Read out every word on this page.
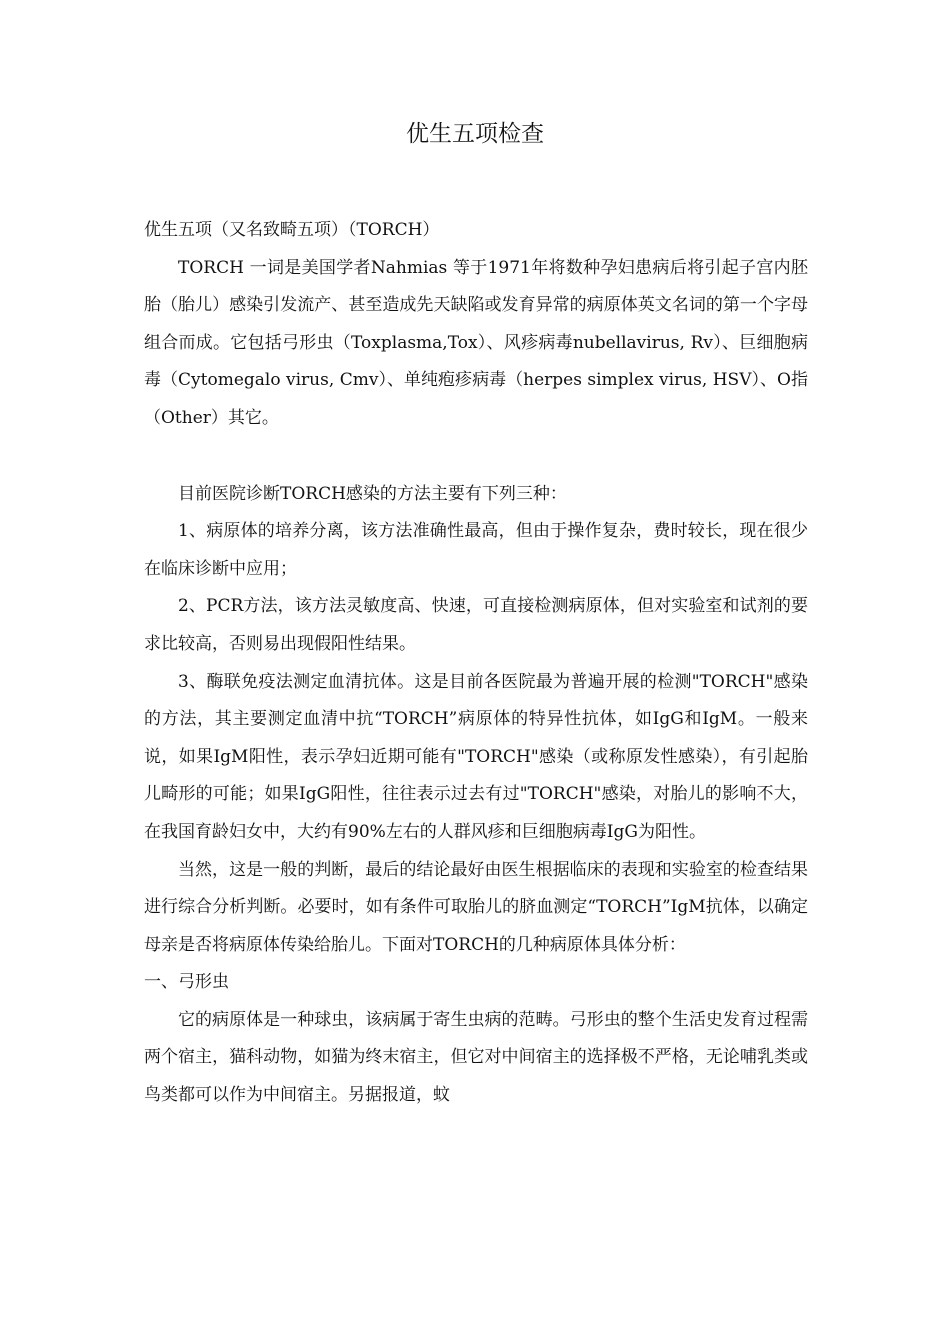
优生五项检查

优生五项（又名致畸五项）（TORCH）

TORCH 一词是美国学者Nahmias 等于1971年将数种孕妇患病后将引起子宫内胚胎（胎儿）感染引发流产、甚至造成先天缺陷或发育异常的病原体英文名词的第一个字母组合而成。它包括弓形虫（Toxplasma,Tox）、风疹病毒nubellavirus, Rv）、巨细胞病毒（Cytomegalo virus, Cmv）、单纯疱疹病毒（herpes simplex virus, HSV）、O指（Other）其它。

目前医院诊断TORCH感染的方法主要有下列三种：

1、病原体的培养分离，该方法准确性最高，但由于操作复杂，费时较长，现在很少在临床诊断中应用；

2、PCR方法，该方法灵敏度高、快速，可直接检测病原体，但对实验室和试剂的要求比较高，否则易出现假阳性结果。

3、酶联免疫法测定血清抗体。这是目前各医院最为普遍开展的检测"TORCH"感染的方法，其主要测定血清中抗“TORCH”病原体的特异性抗体，如IgG和IgM。一般来说，如果IgM阳性，表示孕妇近期可能有"TORCH"感染（或称原发性感染），有引起胎儿畸形的可能；如果IgG阳性，往往表示过去有过"TORCH"感染，对胎儿的影响不大，在我国育龄妇女中，大约有90%左右的人群风疹和巨细胞病毒IgG为阳性。

当然，这是一般的判断，最后的结论最好由医生根据临床的表现和实验室的检查结果进行综合分析判断。必要时，如有条件可取胎儿的脐血测定“TORCH”IgM抗体，以确定母亲是否将病原体传染给胎儿。下面对TORCH的几种病原体具体分析：

一、弓形虫

它的病原体是一种球虫，该病属于寄生虫病的范畴。弓形虫的整个生活史发育过程需两个宿主，猫科动物，如猫为终末宿主，但它对中间宿主的选择极不严格，无论哺乳类或鸟类都可以作为中间宿主。另据报道，蚊
